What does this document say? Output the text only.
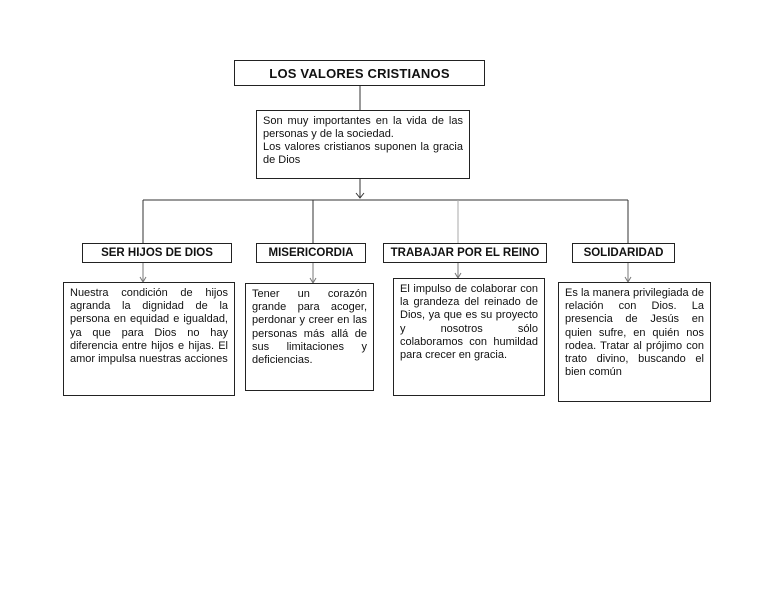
LOS VALORES CRISTIANOS

Son muy importantes en la vida de las personas y de la sociedad.

Los valores cristianos suponen la gracia de Dios

SER HIJOS DE DIOS	MISERICORDIA	TRABAJAR POR EL REINO	SOLIDARIDAD
Nuestra condición de hijos agranda la dignidad de la persona en equidad e igualdad, ya que para Dios no hay diferencia entre hijos e hijas. El amor impulsa nuestras acciones
Tener un corazón grande para acoger, perdonar y creer en las personas más allá de sus limitaciones y deficiencias.
El impulso de colaborar con la grandeza del reinado de Dios, ya que es su proyecto y nosotros sólo colaboramos con humildad para crecer en gracia.
Es la manera privilegiada de relación con Dios. La presencia de Jesús en quien sufre, en quién nos rodea. Tratar al prójimo con trato divino, buscando el bien común
